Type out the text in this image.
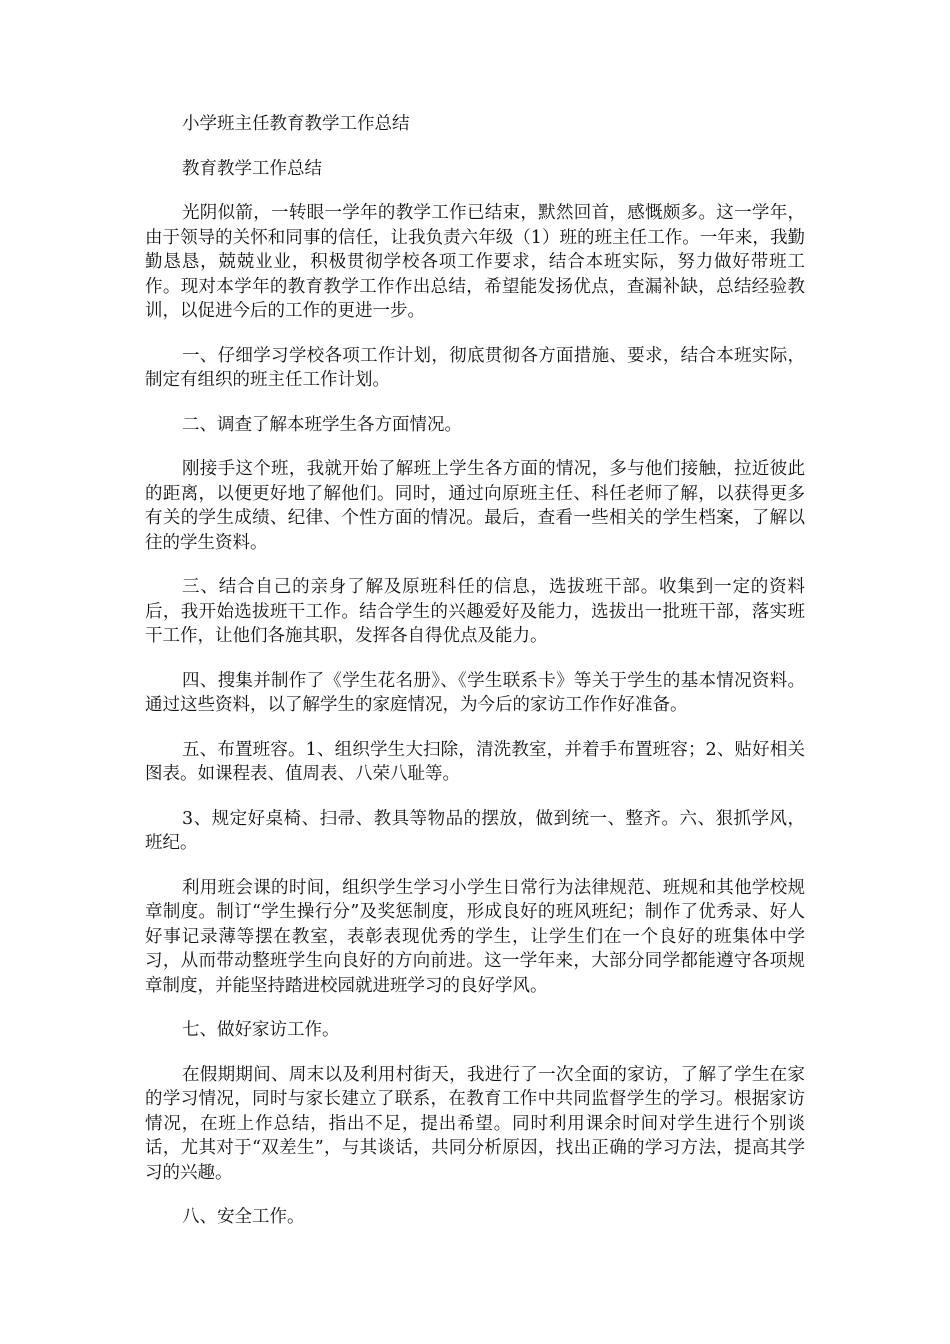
小学班主任教育教学工作总结

教育教学工作总结

光阴似箭，一转眼一学年的教学工作已结束，默然回首，感慨颇多。这一学年，由于领导的关怀和同事的信任，让我负责六年级（1）班的班主任工作。一年来，我勤勤恳恳，兢兢业业，积极贯彻学校各项工作要求，结合本班实际，努力做好带班工作。现对本学年的教育教学工作作出总结，希望能发扬优点，查漏补缺，总结经验教训，以促进今后的工作的更进一步。

一、仔细学习学校各项工作计划，彻底贯彻各方面措施、要求，结合本班实际，制定有组织的班主任工作计划。

二、调查了解本班学生各方面情况。

刚接手这个班，我就开始了解班上学生各方面的情况，多与他们接触，拉近彼此的距离，以便更好地了解他们。同时，通过向原班主任、科任老师了解，以获得更多有关的学生成绩、纪律、个性方面的情况。最后，查看一些相关的学生档案，了解以往的学生资料。

三、结合自己的亲身了解及原班科任的信息，选拔班干部。收集到一定的资料后，我开始选拔班干工作。结合学生的兴趣爱好及能力，选拔出一批班干部，落实班干工作，让他们各施其职，发挥各自得优点及能力。

四、搜集并制作了《学生花名册》、《学生联系卡》等关于学生的基本情况资料。通过这些资料，以了解学生的家庭情况，为今后的家访工作作好准备。

五、布置班容。1、组织学生大扫除，清洗教室，并着手布置班容；2、贴好相关图表。如课程表、值周表、八荣八耻等。

3、规定好桌椅、扫帚、教具等物品的摆放，做到统一、整齐。六、狠抓学风，班纪。

利用班会课的时间，组织学生学习小学生日常行为法律规范、班规和其他学校规章制度。制订“学生操行分”及奖惩制度，形成良好的班风班纪；制作了优秀录、好人好事记录薄等摆在教室，表彰表现优秀的学生，让学生们在一个良好的班集体中学习，从而带动整班学生向良好的方向前进。这一学年来，大部分同学都能遵守各项规章制度，并能坚持踏进校园就进班学习的良好学风。

七、做好家访工作。

在假期期间、周末以及利用村街天，我进行了一次全面的家访，了解了学生在家的学习情况，同时与家长建立了联系，在教育工作中共同监督学生的学习。根据家访情况，在班上作总结，指出不足，提出希望。同时利用课余时间对学生进行个别谈话，尤其对于“双差生”，与其谈话，共同分析原因，找出正确的学习方法，提高其学习的兴趣。

八、安全工作。
